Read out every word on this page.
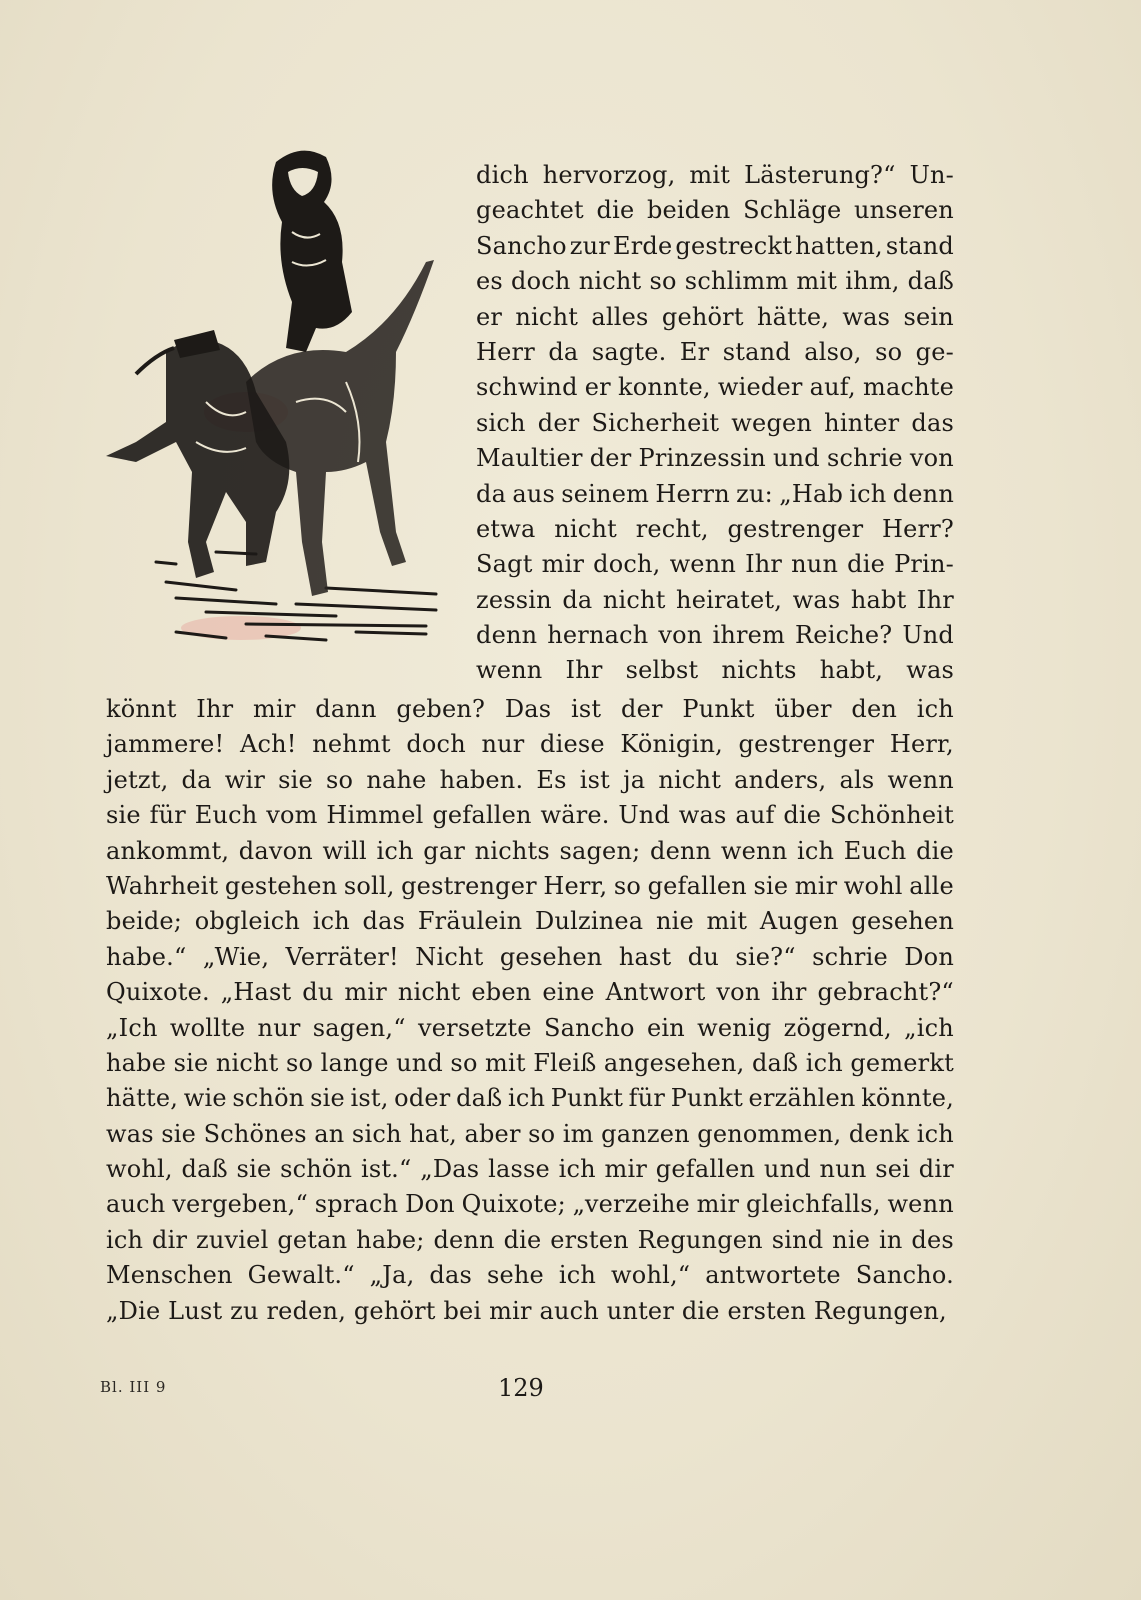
dich hervorzog, mit Lästerung?“ Un-
geachtet die beiden Schläge unseren
Sancho zur Erde gestreckt hatten, stand
es doch nicht so schlimm mit ihm, daß
er nicht alles gehört hätte, was sein
Herr da sagte. Er stand also, so ge-
schwind er konnte, wieder auf, machte
sich der Sicherheit wegen hinter das
Maultier der Prinzessin und schrie von
da aus seinem Herrn zu: „Hab ich denn
etwa nicht recht, gestrenger Herr?
Sagt mir doch, wenn Ihr nun die Prin-
zessin da nicht heiratet, was habt Ihr
denn hernach von ihrem Reiche? Und
wenn Ihr selbst nichts habt, was
könnt Ihr mir dann geben? Das ist der Punkt über den ich
jammere! Ach! nehmt doch nur diese Königin, gestrenger Herr,
jetzt, da wir sie so nahe haben. Es ist ja nicht anders, als wenn
sie für Euch vom Himmel gefallen wäre. Und was auf die Schönheit
ankommt, davon will ich gar nichts sagen; denn wenn ich Euch die
Wahrheit gestehen soll, gestrenger Herr, so gefallen sie mir wohl alle
beide; obgleich ich das Fräulein Dulzinea nie mit Augen gesehen
habe.“ „Wie, Verräter! Nicht gesehen hast du sie?“ schrie Don
Quixote. „Hast du mir nicht eben eine Antwort von ihr gebracht?“
„Ich wollte nur sagen,“ versetzte Sancho ein wenig zögernd, „ich
habe sie nicht so lange und so mit Fleiß angesehen, daß ich gemerkt
hätte, wie schön sie ist, oder daß ich Punkt für Punkt erzählen könnte,
was sie Schönes an sich hat, aber so im ganzen genommen, denk ich
wohl, daß sie schön ist.“ „Das lasse ich mir gefallen und nun sei dir
auch vergeben,“ sprach Don Quixote; „verzeihe mir gleichfalls, wenn
ich dir zuviel getan habe; denn die ersten Regungen sind nie in des
Menschen Gewalt.“ „Ja, das sehe ich wohl,“ antwortete Sancho.
„Die Lust zu reden, gehört bei mir auch unter die ersten Regungen,
Bl. III 9	129
